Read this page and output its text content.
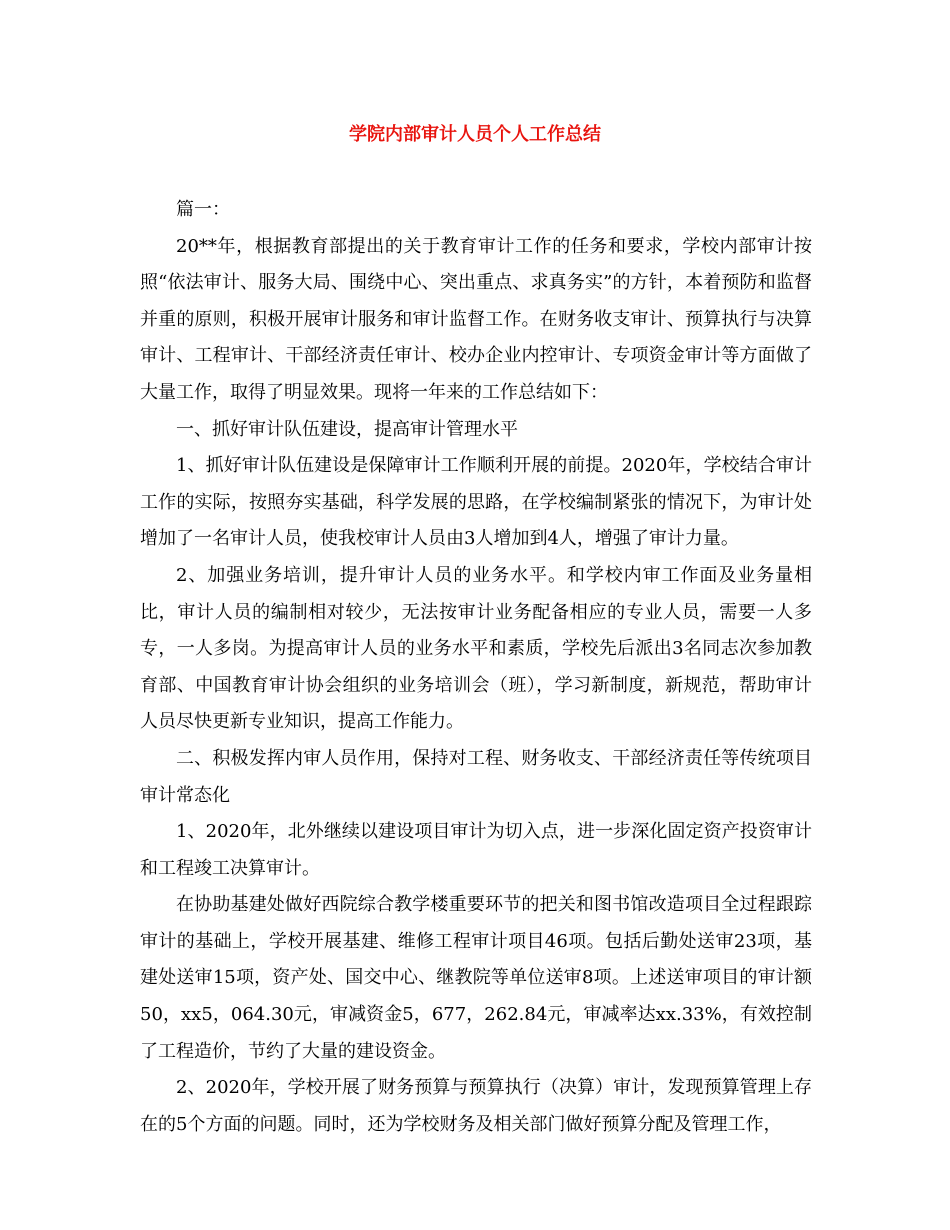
学院内部审计人员个人工作总结

篇一：

20**年，根据教育部提出的关于教育审计工作的任务和要求，学校内部审计按照“依法审计、服务大局、围绕中心、突出重点、求真务实”的方针，本着预防和监督并重的原则，积极开展审计服务和审计监督工作。在财务收支审计、预算执行与决算审计、工程审计、干部经济责任审计、校办企业内控审计、专项资金审计等方面做了大量工作，取得了明显效果。现将一年来的工作总结如下：

一、抓好审计队伍建设，提高审计管理水平

1、抓好审计队伍建设是保障审计工作顺利开展的前提。2020年，学校结合审计工作的实际，按照夯实基础，科学发展的思路，在学校编制紧张的情况下，为审计处增加了一名审计人员，使我校审计人员由3人增加到4人，增强了审计力量。

2、加强业务培训，提升审计人员的业务水平。和学校内审工作面及业务量相比，审计人员的编制相对较少，无法按审计业务配备相应的专业人员，需要一人多专，一人多岗。为提高审计人员的业务水平和素质，学校先后派出3名同志次参加教育部、中国教育审计协会组织的业务培训会（班），学习新制度，新规范，帮助审计人员尽快更新专业知识，提高工作能力。

二、积极发挥内审人员作用，保持对工程、财务收支、干部经济责任等传统项目审计常态化

1、2020年，北外继续以建设项目审计为切入点，进一步深化固定资产投资审计和工程竣工决算审计。

在协助基建处做好西院综合教学楼重要环节的把关和图书馆改造项目全过程跟踪审计的基础上，学校开展基建、维修工程审计项目46项。包括后勤处送审23项，基建处送审15项，资产处、国交中心、继教院等单位送审8项。上述送审项目的审计额50，xx5，064.30元，审减资金5，677，262.84元，审减率达xx.33%，有效控制了工程造价，节约了大量的建设资金。

2、2020年，学校开展了财务预算与预算执行（决算）审计，发现预算管理上存在的5个方面的问题。同时，还为学校财务及相关部门做好预算分配及管理工作，
